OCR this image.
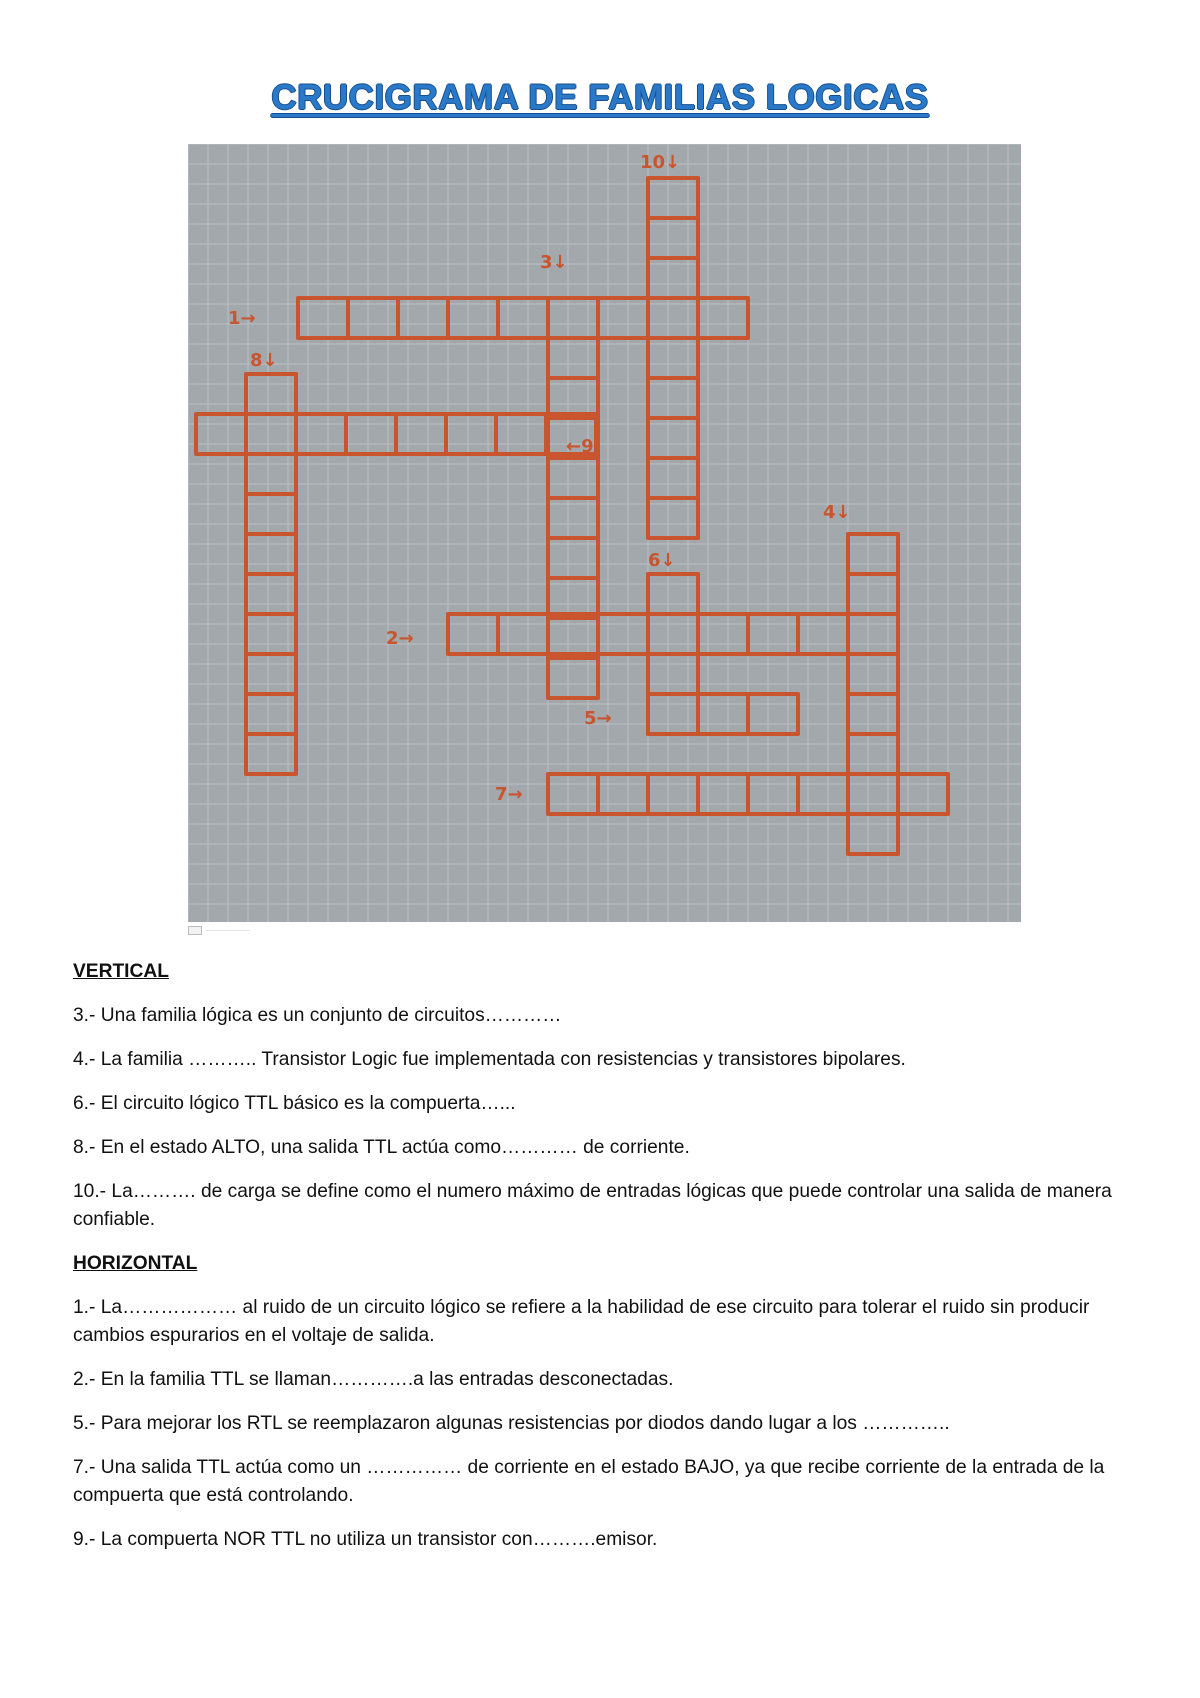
CRUCIGRAMA DE FAMILIAS LOGICAS
10↓
3↓
1→
8↓
←9
4↓
6↓
2→
5→
7→
VERTICAL

3.- Una familia lógica es un conjunto de circuitos…………

4.- La familia ……….. Transistor Logic fue implementada con resistencias y transistores bipolares.

6.- El circuito lógico TTL básico es la compuerta…...

8.- En el estado ALTO, una salida TTL actúa como………… de corriente.

10.- La………. de carga se define como el numero máximo de entradas lógicas que puede controlar una salida de manera confiable.

HORIZONTAL

1.- La……………… al ruido de un circuito lógico se refiere a la habilidad de ese circuito para tolerar el ruido sin producir cambios espurarios en el voltaje de salida.

2.- En la familia TTL se llaman………….a las entradas desconectadas.

5.- Para mejorar los RTL se reemplazaron algunas resistencias por diodos dando lugar a los …………..

7.- Una salida TTL actúa como un …………… de corriente en el estado BAJO, ya que recibe corriente de la entrada de la compuerta que está controlando.

9.- La compuerta NOR TTL no utiliza un transistor con……….emisor.
